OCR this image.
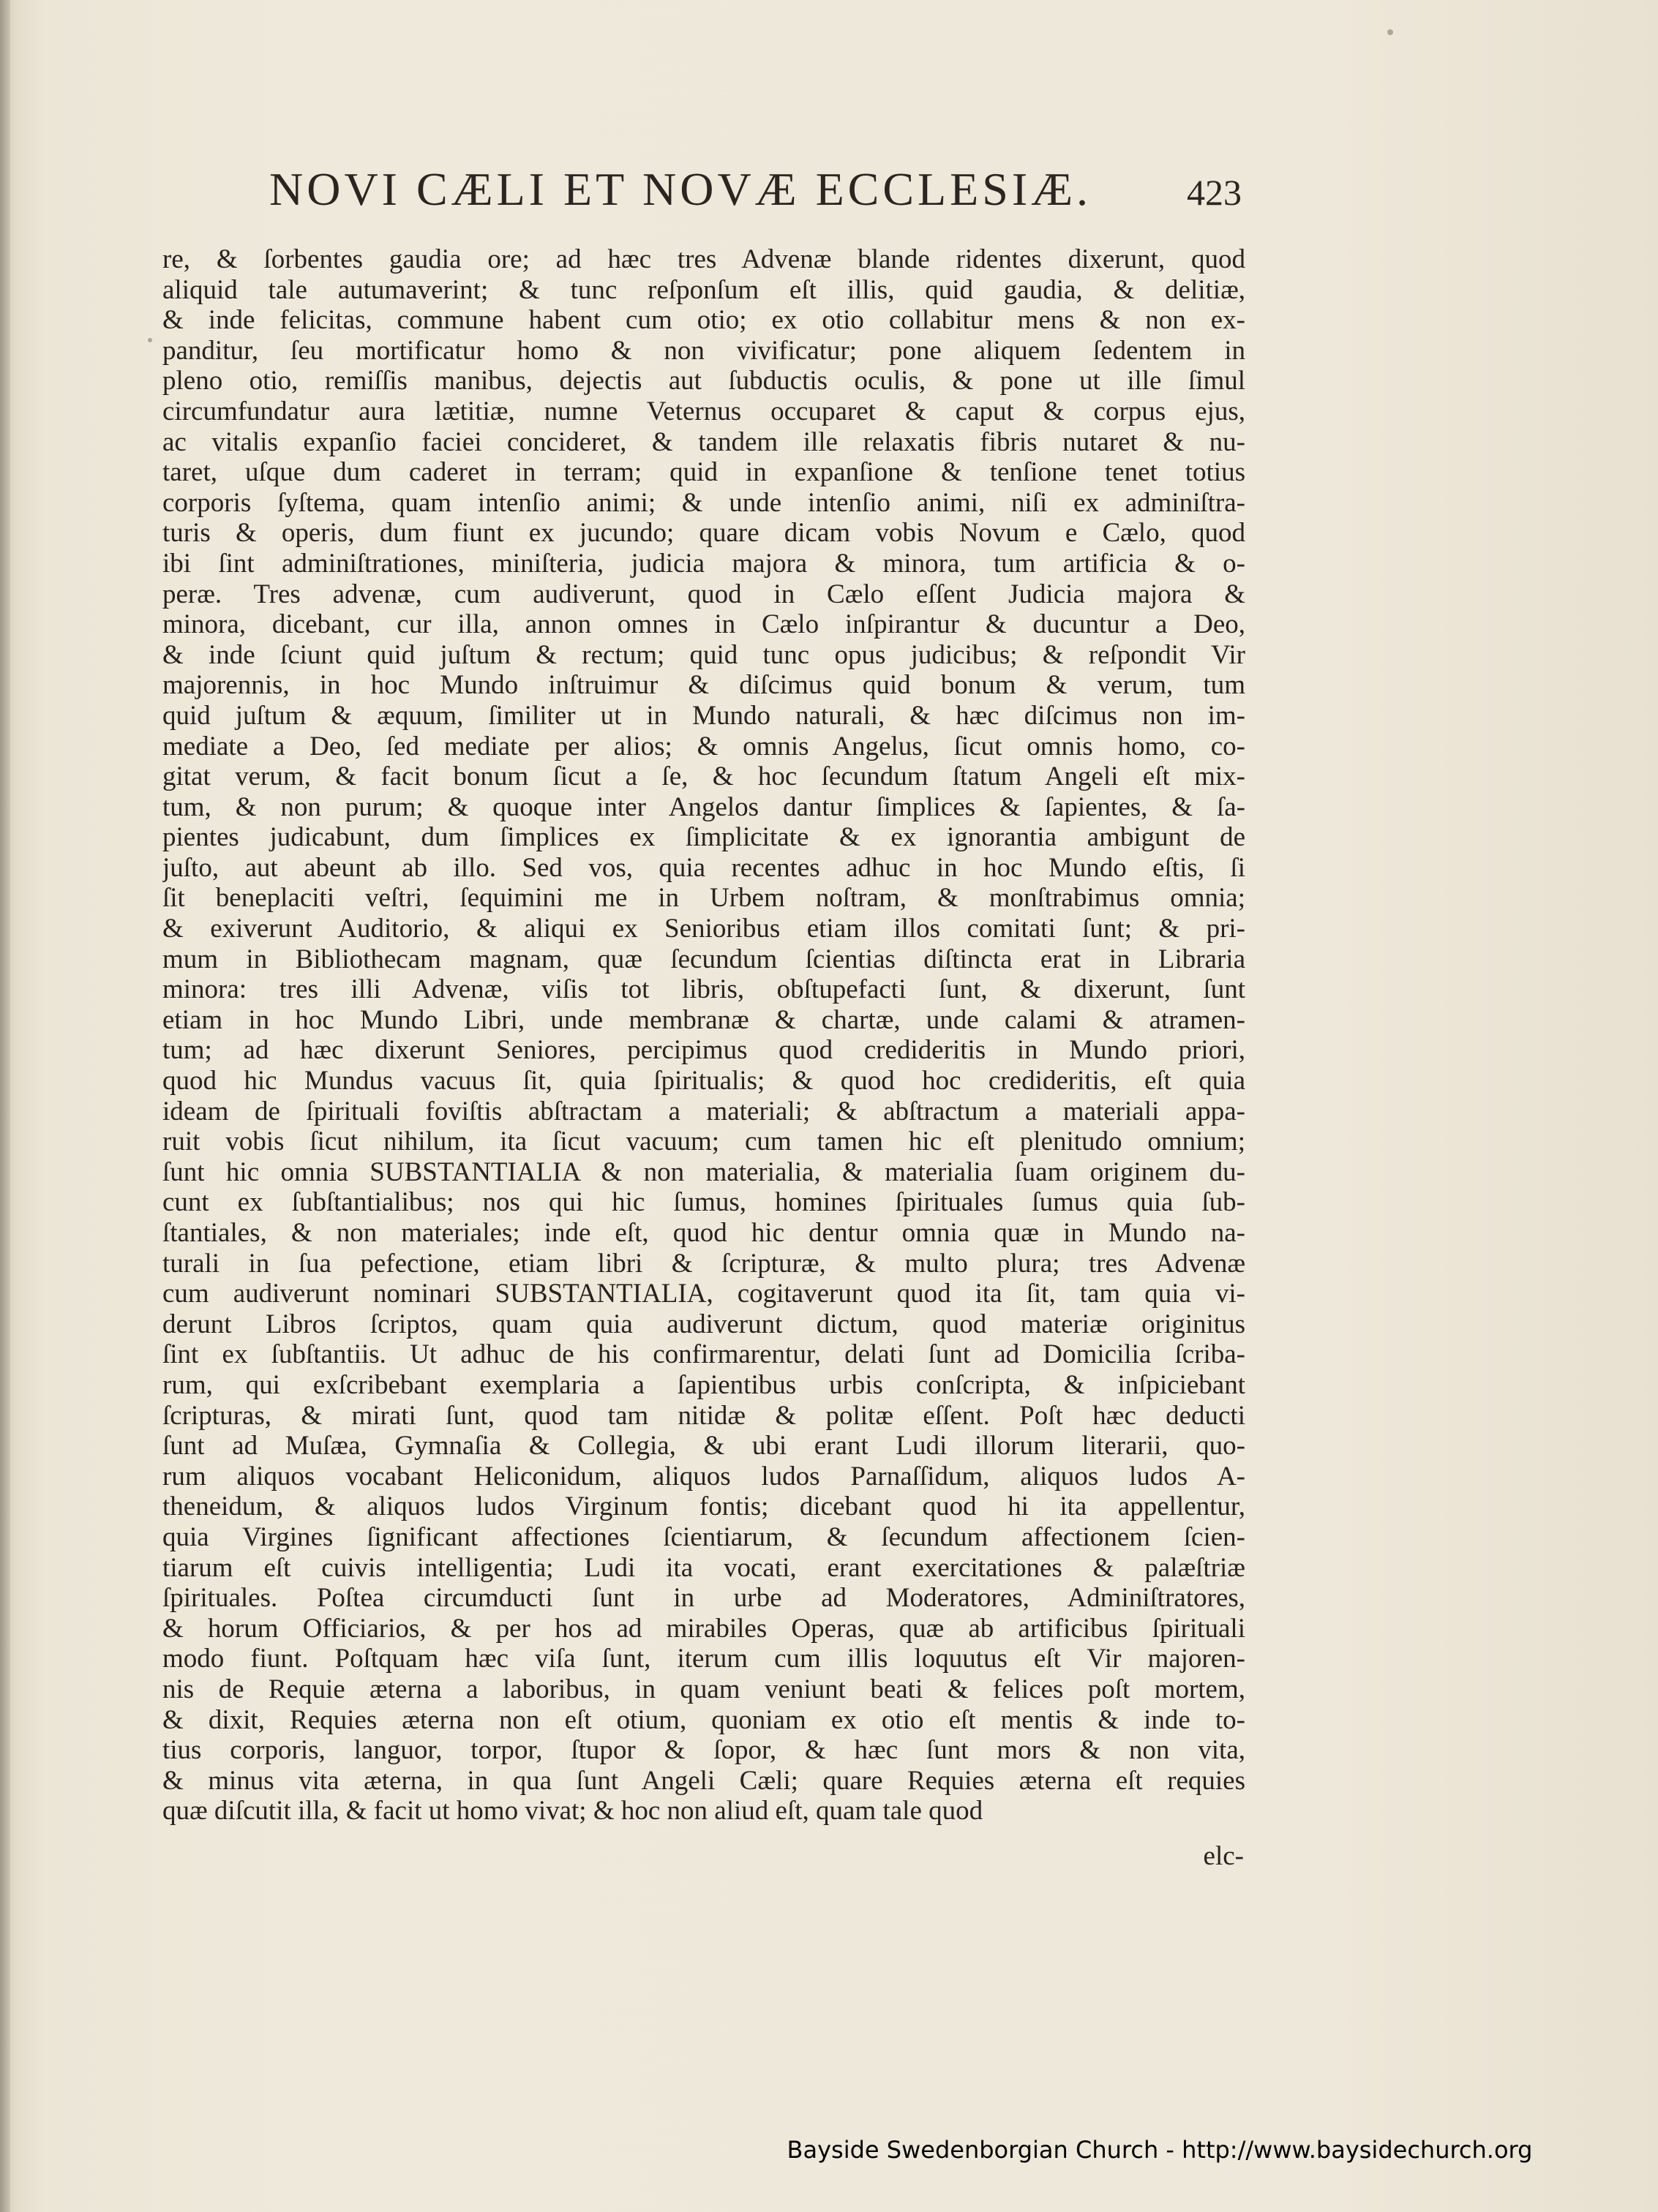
NOVI CÆLI ET NOVÆ ECCLESIÆ.	423
re, & ſorbentes gaudia ore; ad hæc tres Advenæ blande ridentes dixerunt, quod
aliquid tale autumaverint; & tunc reſponſum eſt illis, quid gaudia, & delitiæ,
& inde felicitas, commune habent cum otio; ex otio collabitur mens & non ex-
panditur, ſeu mortificatur homo & non vivificatur; pone aliquem ſedentem in
pleno otio, remiſſis manibus, dejectis aut ſubductis oculis, & pone ut ille ſimul
circumfundatur aura lætitiæ, numne Veternus occuparet & caput & corpus ejus,
ac vitalis expanſio faciei concideret, & tandem ille relaxatis fibris nutaret & nu-
taret, uſque dum caderet in terram; quid in expanſione & tenſione tenet totius
corporis ſyſtema, quam intenſio animi; & unde intenſio animi, niſi ex adminiſtra-
turis & operis, dum fiunt ex jucundo; quare dicam vobis Novum e Cælo, quod
ibi ſint adminiſtrationes, miniſteria, judicia majora & minora, tum artificia & o-
peræ. Tres advenæ, cum audiverunt, quod in Cælo eſſent Judicia majora &
minora, dicebant, cur illa, annon omnes in Cælo inſpirantur & ducuntur a Deo,
& inde ſciunt quid juſtum & rectum; quid tunc opus judicibus; & reſpondit Vir
majorennis, in hoc Mundo inſtruimur & diſcimus quid bonum & verum, tum
quid juſtum & æquum, ſimiliter ut in Mundo naturali, & hæc diſcimus non im-
mediate a Deo, ſed mediate per alios; & omnis Angelus, ſicut omnis homo, co-
gitat verum, & facit bonum ſicut a ſe, & hoc ſecundum ſtatum Angeli eſt mix-
tum, & non purum; & quoque inter Angelos dantur ſimplices & ſapientes, & ſa-
pientes judicabunt, dum ſimplices ex ſimplicitate & ex ignorantia ambigunt de
juſto, aut abeunt ab illo. Sed vos, quia recentes adhuc in hoc Mundo eſtis, ſi
ſit beneplaciti veſtri, ſequimini me in Urbem noſtram, & monſtrabimus omnia;
& exiverunt Auditorio, & aliqui ex Senioribus etiam illos comitati ſunt; & pri-
mum in Bibliothecam magnam, quæ ſecundum ſcientias diſtincta erat in Libraria
minora: tres illi Advenæ, viſis tot libris, obſtupefacti ſunt, & dixerunt, ſunt
etiam in hoc Mundo Libri, unde membranæ & chartæ, unde calami & atramen-
tum; ad hæc dixerunt Seniores, percipimus quod credideritis in Mundo priori,
quod hic Mundus vacuus ſit, quia ſpiritualis; & quod hoc credideritis, eſt quia
ideam de ſpirituali foviſtis abſtractam a materiali; & abſtractum a materiali appa-
ruit vobis ſicut nihilum, ita ſicut vacuum; cum tamen hic eſt plenitudo omnium;
ſunt hic omnia SUBSTANTIALIA & non materialia, & materialia ſuam originem du-
cunt ex ſubſtantialibus; nos qui hic ſumus, homines ſpirituales ſumus quia ſub-
ſtantiales, & non materiales; inde eſt, quod hic dentur omnia quæ in Mundo na-
turali in ſua pefectione, etiam libri & ſcripturæ, & multo plura; tres Advenæ
cum audiverunt nominari SUBSTANTIALIA, cogitaverunt quod ita ſit, tam quia vi-
derunt Libros ſcriptos, quam quia audiverunt dictum, quod materiæ originitus
ſint ex ſubſtantiis. Ut adhuc de his confirmarentur, delati ſunt ad Domicilia ſcriba-
rum, qui exſcribebant exemplaria a ſapientibus urbis conſcripta, & inſpiciebant
ſcripturas, & mirati ſunt, quod tam nitidæ & politæ eſſent. Poſt hæc deducti
ſunt ad Muſæa, Gymnaſia & Collegia, & ubi erant Ludi illorum literarii, quo-
rum aliquos vocabant Heliconidum, aliquos ludos Parnaſſidum, aliquos ludos A-
theneidum, & aliquos ludos Virginum fontis; dicebant quod hi ita appellentur,
quia Virgines ſignificant affectiones ſcientiarum, & ſecundum affectionem ſcien-
tiarum eſt cuivis intelligentia; Ludi ita vocati, erant exercitationes & palæſtriæ
ſpirituales. Poſtea circumducti ſunt in urbe ad Moderatores, Adminiſtratores,
& horum Officiarios, & per hos ad mirabiles Operas, quæ ab artificibus ſpirituali
modo fiunt. Poſtquam hæc viſa ſunt, iterum cum illis loquutus eſt Vir majoren-
nis de Requie æterna a laboribus, in quam veniunt beati & felices poſt mortem,
& dixit, Requies æterna non eſt otium, quoniam ex otio eſt mentis & inde to-
tius corporis, languor, torpor, ſtupor & ſopor, & hæc ſunt mors & non vita,
& minus vita æterna, in qua ſunt Angeli Cæli; quare Requies æterna eſt requies
quæ diſcutit illa, & facit ut homo vivat; & hoc non aliud eſt, quam tale quod
elc-
Bayside Swedenborgian Church - http://www.baysidechurch.org
